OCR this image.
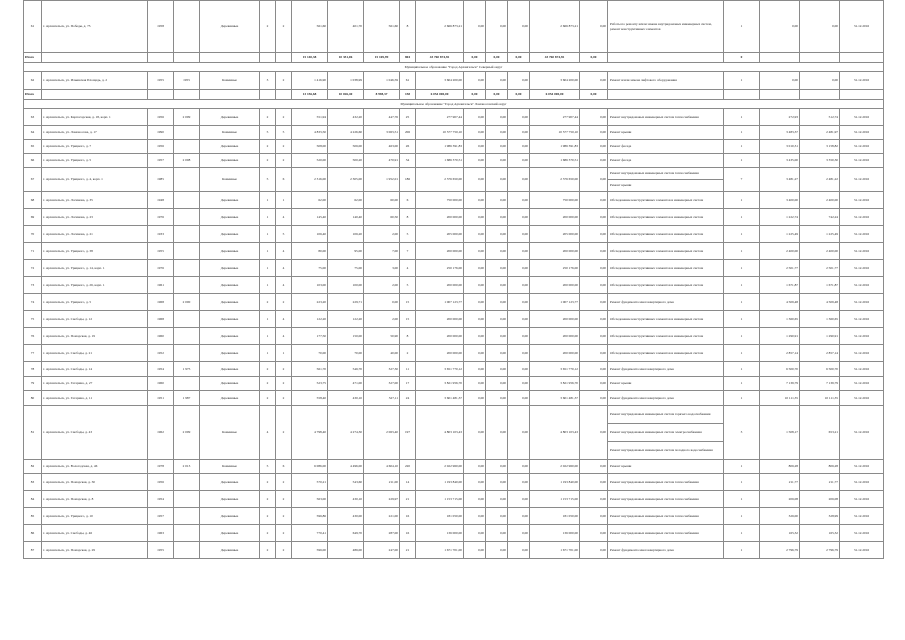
61	г. Архангельск, ул. Победы, д. 75	1958		Деревянные	2	2	561,60	401,70	561,60	8	2 666 873,21	0,00	0,00	0,00	2 666 873,21	0,00	Работы по ремонту и/или замене внутридомовых инженерных систем, ремонт конструктивных элементов	1	0,00	0,00	31.12.2016
Итого							15 140,38	10 351,06	15 169,99	804	43 760 874,92	0,00	0,00	0,00	43 760 874,92	0,00		0			
Муниципальное образование "Город Архангельск" Северный округ																					
62	г. Архангельск, ул. Ильинская Площадь, д. 2	1955	1955	Каменные	3	2	1 416,90	1 038,99	1 046,59	61	3 604 200,00	0,00	0,00	0,00	3 604 200,00	0,00	Ремонт и/или замена лифтового оборудования	1	0,00	0,00	31.12.2016
Итого							13 156,68	10 026,40	8 998,37	158	6 054 000,00	0,00	0,00	0,00	6 054 000,00	0,00					
Муниципальное образование "Город Архангельск" Ломоносовский округ																					
63	г. Архангельск, ул. Карпогорская, д. 18, корп. 1	1956	2 009	Деревянные	2	2	551,94	432,20	447,76	25	277 907,44	0,00	0,00	0,00	277 907,44	0,00	Ремонт внутридомовых инженерных систем теплоснабжения	1	272,93	512,74	31.12.2016
64	г. Архангельск, ул. Ломоносова, д. 17	1990		Каменные	5	5	4 833,50	4 226,60	3 063,51	206	10 577 750,10	0,00	0,00	0,00	10 577 750,10	0,00	Ремонт крыши	1	3 483,37	2 481,97	31.12.2016
65	г. Архангельск, ул. Урицкого, д. 7	1956		Деревянные	2	2	508,00	506,00	463,00	26	1 986 391,83	0,00	0,00	0,00	1 986 391,83	0,00	Ремонт фасада	1	3 010,31	3 158,82	31.12.2016
66	г. Архангельск, ул. Урицкого, д. 5	1957	2 008	Деревянные	2	2	520,00	500,20	470,91	34	1 686 370,51	0,00	0,00	0,00	1 686 370,51	0,00	Ремонт фасада	1	3 435,00	3 350,30	31.12.2016
67	г. Архангельск, ул. Урицкого, д. 4, корп. 1	1985		Каменные	5	6	2 316,00	2 305,00	1 952,01	186	2 376 650,00	0,00	0,00	0,00	2 376 650,00	0,00	Ремонт внутридомовых инженерных систем теплоснабжения	7	3 481,27	2 481,22	31.12.2016
																	Ремонт крыши				
68	г. Архангельск, ул. Логинова, д. 35	1948		Деревянные	1	1	62,00	62,00	60,00	6	750 000,00	0,00	0,00	0,00	750 000,00	0,00	Обследование конструктивных элементов и инженерных систем	1	3 400,00	2 400,00	31.12.2016
69	г. Архангельск, ул. Логинова, д. 23	1976		Деревянные	1	4	145,40	140,40	60,50	8	200 000,00	0,00	0,00	0,00	200 000,00	0,00	Обследование конструктивных элементов и инженерных систем	1	1 222,74	742,24	31.12.2016
70	г. Архангельск, ул. Логинова, д. 21	1933		Деревянные	1	5	106,40	106,20	2,00	5	205 000,00	0,00	0,00	0,00	205 000,00	0,00	Обследование конструктивных элементов и инженерных систем	1	1 225,49	1 225,49	31.12.2016
71	г. Архангельск, ул. Урицкого, д. 38	1955		Деревянные	1	4	80,00	95,00	7,00	7	200 000,00	0,00	0,00	0,00	200 000,00	0,00	Обследование конструктивных элементов и инженерных систем	1	2 400,00	2 400,00	31.12.2016
72	г. Архангельск, ул. Урицкого, д. 14, корп. 1	1976		Деревянные	1	4	75,00	75,00	3,00	4	250 176,00	0,00	0,00	0,00	250 176,00	0,00	Обследование конструктивных элементов и инженерных систем	1	2 501,77	2 501,77	31.12.2016
73	г. Архангельск, ул. Урицкого, д. 26, корп. 1	1961		Деревянные	1	4	103,00	100,00	2,00	5	200 000,00	0,00	0,00	0,00	200 000,00	0,00	Обследование конструктивных элементов и инженерных систем	1	1 671,87	1 671,87	31.12.2016
74	г. Архангельск, ул. Урицкого, д. 5	1968	2 000	Деревянные	2	2	223,20	229,71	0,00	15	1 007 123,77	0,00	0,00	0,00	1 007 123,77	0,00	Ремонт фундамента многоквартирного дома	1	4 509,48	4 509,48	31.12.2016
75	г. Архангельск, ул. Свободы, д. 12	1968		Деревянные	1	4	122,20	122,20	2,00	15	200 000,00	0,00	0,00	0,00	200 000,00	0,00	Обследование конструктивных элементов и инженерных систем	1	1 360,65	1 360,65	31.12.2016
76	г. Архангельск, ул. Поморская, д. 19	1960		Деревянные	1	4	177,50	150,00	50,90	8	200 000,00	0,00	0,00	0,00	200 000,00	0,00	Обследование конструктивных элементов и инженерных систем	1	1 290,91	1 290,91	31.12.2016
77	г. Архангельск, ул. Свободы, д. 21	1952		Деревянные	1	1	70,00	70,00	40,00	2	200 000,00	0,00	0,00	0,00	200 000,00	0,00	Обследование конструктивных элементов и инженерных систем	1	2 857,14	2 857,14	31.12.2016
78	г. Архангельск, ул. Свободы, д. 14	1954	1 975	Деревянные	2	2	561,70	546,70	327,30	11	3 651 770,12	0,00	0,00	0,00	3 651 770,12	0,00	Ремонт фундамента многоквартирного дома	1	6 500,70	6 500,70	31.12.2016
79	г. Архангельск, ул. Гагарина, д. 27	1960		Деревянные	2	2	523,75	471,00	327,00	17	3 821 956,70	0,00	0,00	0,00	3 821 956,70	0,00	Ремонт крыши	1	7 139,79	7 139,79	31.12.2016
80	г. Архангельск, ул. Гагарина, д. 11	1951	1 987	Деревянные	2	2	558,40	430,10	327,11	24	3 601 481,37	0,00	0,00	0,00	3 601 481,37	0,00	Ремонт фундамента многоквартирного дома	1	10 111,35	10 111,35	31.12.2016
81	г. Архангельск, ул. Свободы, д. 43	1962	2 009	Каменные	4	2	4 798,40	4 274,30	2 063,40	197	4 803 103,43	0,00	0,00	0,00	4 803 103,43	0,00	Ремонт внутридомовых инженерных систем горячего водоснабжения	3	1 508,17	653,21	31.12.2016
																	Ремонт внутридомовых инженерных систем электроснабжения				
																	Ремонт внутридомовых инженерных систем холодного водоснабжения				
82	г. Архангельск, ул. Вологодская, д. 46	1978	2 013	Каменные	5	6	6 086,00	4 496,00	4 604,10	220	2 022 960,00	0,00	0,00	0,00	2 022 960,00	0,00	Ремонт крыши	1	806,28	806,28	31.12.2016
83	г. Архангельск, ул. Поморская, д. 30	1956		Деревянные	2	2	570,21	543,60	211,00	14	1 193 840,00	0,00	0,00	0,00	1 193 840,00	0,00	Ремонт внутридомовых инженерных систем теплоснабжения	1	211,77	211,77	31.12.2016
84	г. Архангельск, ул. Поморская, д. 8	1954		Деревянные	2	2	563,00	430,10	229,97	21	1 153 715,00	0,00	0,00	0,00	1 153 715,00	0,00	Ремонт внутридомовых инженерных систем теплоснабжения	1	206,08	206,08	31.12.2016
85	г. Архангельск, ул. Урицкого, д. 10	1957		Деревянные	2	2	596,86	430,00	221,00	16	181 050,00	0,00	0,00	0,00	181 050,00	0,00	Ремонт внутридомовых инженерных систем теплоснабжения	1	326,00	328,99	31.12.2016
86	г. Архангельск, ул. Свободы, д. 46	1963		Деревянные	2	2	770,41	649,70	287,00	16	136 000,00	0,00	0,00	0,00	136 000,00	0,00	Ремонт внутридомовых инженерных систем теплоснабжения	1	165,32	165,32	31.12.2016
87	г. Архангельск, ул. Поморская, д. 29	1955		Деревянные	2	2	596,00	486,00	247,00	21	1 671 701,00	0,00	0,00	0,00	1 671 701,00	0,00	Ремонт фундамента многоквартирного дома	1	2 796,79	2 796,79	31.12.2016
